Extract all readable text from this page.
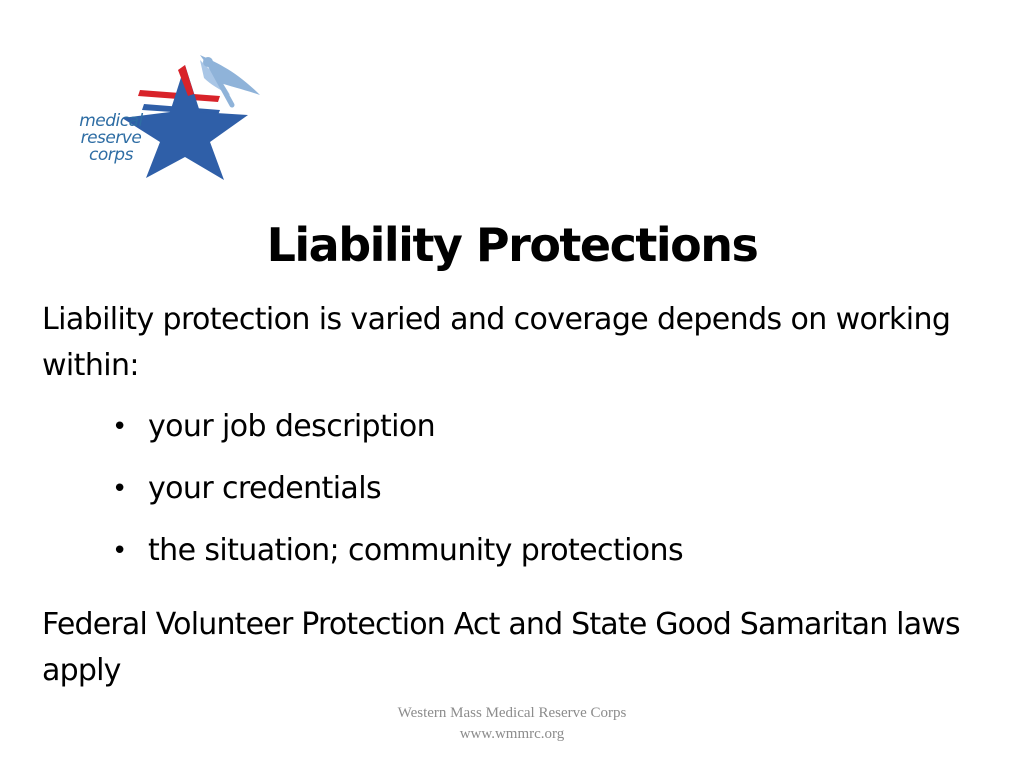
medical
reserve
corps
Liability Protections
Liability protection is varied and coverage depends on working within:
• your job description
• your credentials
• the situation; community protections
Federal Volunteer Protection Act and State Good Samaritan laws apply
Western Mass Medical Reserve Corps
www.wmmrc.org
